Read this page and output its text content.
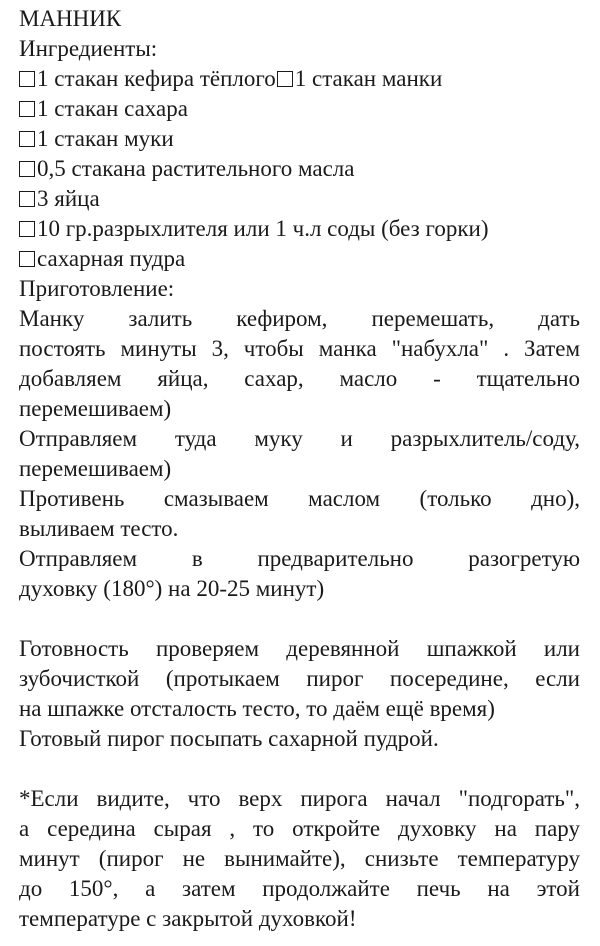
МАННИК
Ингредиенты:
1 стакан кефира тёплого 1 стакан манки
1 стакан сахара
1 стакан муки
0,5 стакана растительного масла
3 яйца
10 гр.разрыхлителя или 1 ч.л соды (без горки)
сахарная пудра
Приготовление:
Манку залить кефиром, перемешать, дать
постоять минуты 3, чтобы манка "набухла" . Затем
добавляем яйца, сахар, масло - тщательно
перемешиваем)
Отправляем туда муку и разрыхлитель/соду,
перемешиваем)
Противень смазываем маслом (только дно),
выливаем тесто.
Отправляем в предварительно разогретую
духовку (180°) на 20-25 минут)
Готовность проверяем деревянной шпажкой или
зубочисткой (протыкаем пирог посередине, если
на шпажке отсталость тесто, то даём ещё время)
Готовый пирог посыпать сахарной пудрой.
*Если видите, что верх пирога начал "подгорать",
а середина сырая , то откройте духовку на пару
минут (пирог не вынимайте), снизьте температуру
до 150°, а затем продолжайте печь на этой
температуре с закрытой духовкой!
